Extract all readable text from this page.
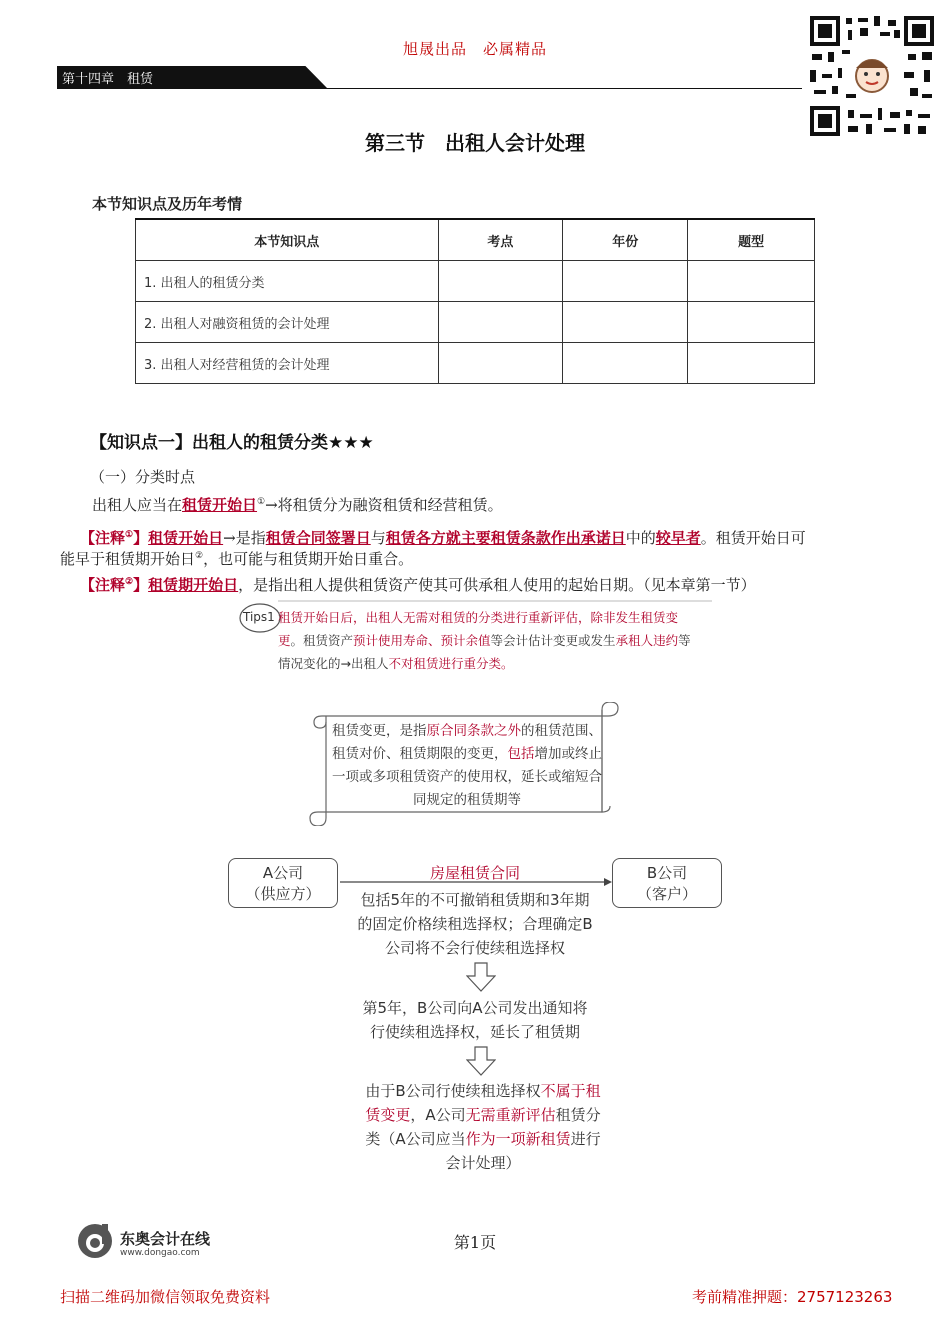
旭晟出品　必属精品
第十四章　租赁
第三节　出租人会计处理
本节知识点及历年考情
本节知识点	考点	年份	题型
1. 出租人的租赁分类			
2. 出租人对融资租赁的会计处理			
3. 出租人对经营租赁的会计处理			
【知识点一】出租人的租赁分类★★★
（一）分类时点
出租人应当在租赁开始日①→将租赁分为融资租赁和经营租赁。
【注释①】租赁开始日→是指租赁合同签署日与租赁各方就主要租赁条款作出承诺日中的较早者。租赁开始日可
能早于租赁期开始日②，也可能与租赁期开始日重合。
【注释②】租赁期开始日，是指出租人提供租赁资产使其可供承租人使用的起始日期。（见本章第一节）
Tips1 租赁开始日后，出租人无需对租赁的分类进行重新评估，除非发生租赁变更。租赁资产预计使用寿命、预计余值等会计估计变更或发生承租人违约等情况变化的→出租人不对租赁进行重分类。
租赁变更，是指原合同条款之外的租赁范围、租赁对价、租赁期限的变更，包括增加或终止一项或多项租赁资产的使用权，延长或缩短合同规定的租赁期等
A公司
（供应方）
B公司
（客户）
房屋租赁合同
包括5年的不可撤销租赁期和3年期的固定价格续租选择权；合理确定B公司将不会行使续租选择权
第5年，B公司向A公司发出通知将行使续租选择权，延长了租赁期
由于B公司行使续租选择权不属于租赁变更，A公司无需重新评估租赁分类（A公司应当作为一项新租赁进行会计处理）
东奥会计在线
www.dongao.com
第1页
扫描二维码加微信领取免费资料	考前精准押题：2757123263
